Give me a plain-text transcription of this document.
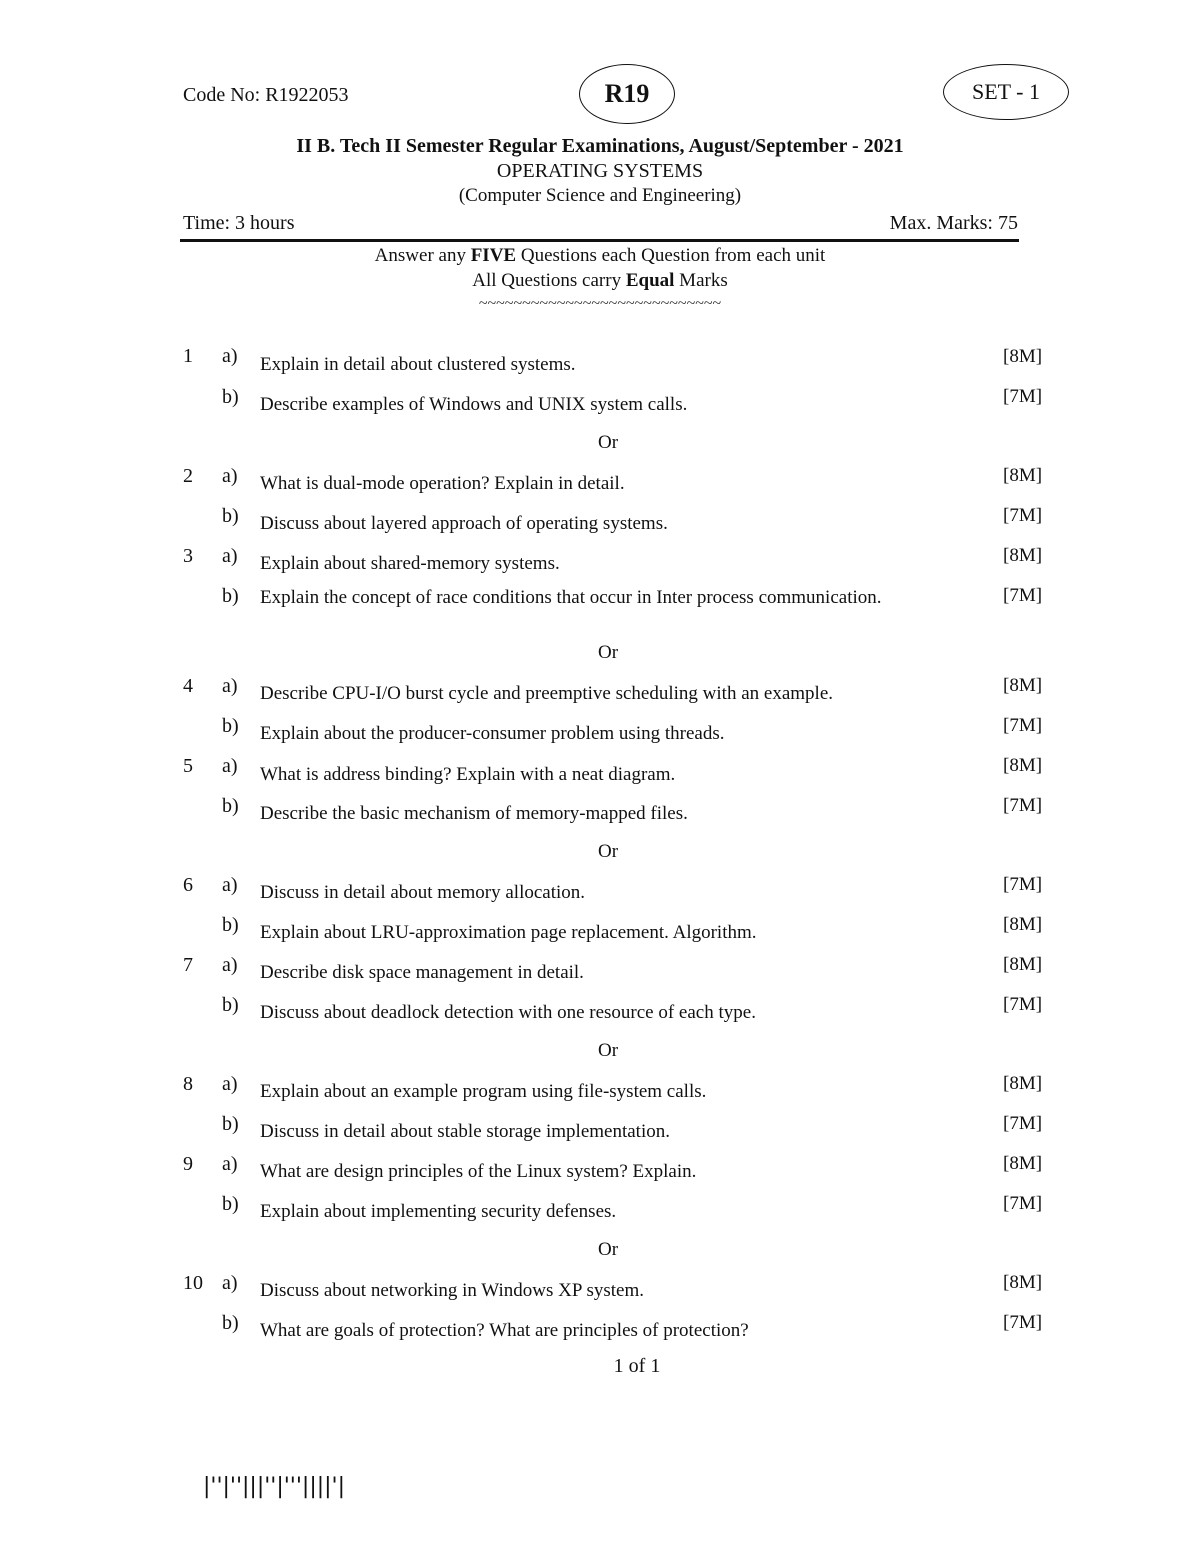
Code No: R1922053	R19	SET - 1
II B. Tech II Semester Regular Examinations, August/September - 2021
OPERATING SYSTEMS
(Computer Science and Engineering)
Time: 3 hours	Max. Marks: 75
Answer any FIVE Questions each Question from each unit
All Questions carry Equal Marks
~~~~~~~~~~~~~~~~~~~~~~~~~~~~
1 a) Explain in detail about clustered systems.	[8M]
b) Describe examples of Windows and UNIX system calls.	[7M]
Or
2 a) What is dual-mode operation? Explain in detail.	[8M]
b) Discuss about layered approach of operating systems.	[7M]
3 a) Explain about shared-memory systems.	[8M]
b) Explain the concept of race conditions that occur in Inter process communication.	[7M]
Or
4 a) Describe CPU-I/O burst cycle and preemptive scheduling with an example.	[8M]
b) Explain about the producer-consumer problem using threads.	[7M]
5 a) What is address binding? Explain with a neat diagram.	[8M]
b) Describe the basic mechanism of memory-mapped files.	[7M]
Or
6 a) Discuss in detail about memory allocation.	[7M]
b) Explain about LRU-approximation page replacement. Algorithm.	[8M]
7 a) Describe disk space management in detail.	[8M]
b) Discuss about deadlock detection with one resource of each type.	[7M]
Or
8 a) Explain about an example program using file-system calls.	[8M]
b) Discuss in detail about stable storage implementation.	[7M]
9 a) What are design principles of the Linux system? Explain.	[8M]
b) Explain about implementing security defenses.	[7M]
Or
10 a) Discuss about networking in Windows XP system.	[8M]
b) What are goals of protection? What are principles of protection?	[7M]
1 of 1
|''|''|||''|'''||||'|
